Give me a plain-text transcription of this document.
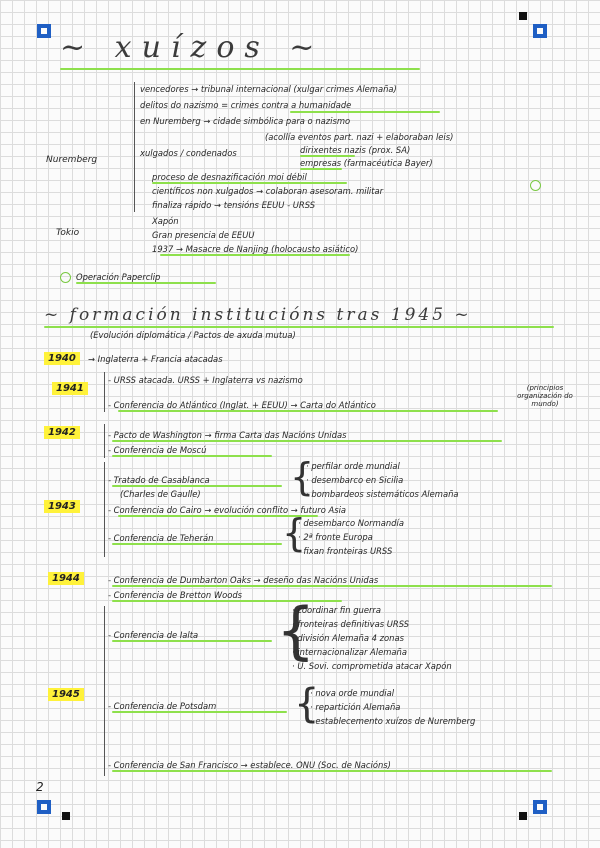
~ xuízos ~
Nuremberg
vencedores → tribunal internacional (xulgar crimes Alemaña)
delitos do nazismo = crimes contra a humanidade
en Nuremberg → cidade simbólica para o nazismo
(acollía eventos part. nazi + elaboraban leis)
xulgados / condenados	dirixentes nazis (prox. SA)
empresas (farmacéutica Bayer)
proceso de desnazificación moi débil
científicos non xulgados → colaboran asesoram. militar
finaliza rápido → tensións EEUU - URSS
Tokio
Xapón
Gran presencia de EEUU
1937 → Masacre de Nanjing (holocausto asiático)
Operación Paperclip
~ formación institucións tras 1945 ~
(Evolución diplomática / Pactos de axuda mutua)
1940	→ Inglaterra + Francia atacadas
1941
- URSS atacada. URSS + Inglaterra vs nazismo
- Conferencia do Atlántico (Inglat. + EEUU) → Carta do Atlántico
(principios organización do mundo)
1942	- Pacto de Washington → firma Carta das Nacións Unidas
- Conferencia de Moscú
1943
- Tratado de Casablanca
(Charles de Gaulle) {
· perfilar orde mundial
· desembarco en Sicilia
· bombardeos sistemáticos Alemaña
- Conferencia do Cairo → evolución conflito → futuro Asia
- Conferencia de Teherán {
· desembarco Normandía
· 2ª fronte Europa
· fixan fronteiras URSS
1944	- Conferencia de Dumbarton Oaks → deseño das Nacións Unidas
- Conferencia de Bretton Woods
1945
- Conferencia de Ialta {
· coordinar fin guerra
· fronteiras definitivas URSS
· división Alemaña 4 zonas
· internacionalizar Alemaña
· U. Sovi. comprometida atacar Xapón
- Conferencia de Potsdam {
· nova orde mundial
· repartición Alemaña
· establecemento xuízos de Nuremberg
- Conferencia de San Francisco → establece. ONU (Soc. de Nacións)
2
